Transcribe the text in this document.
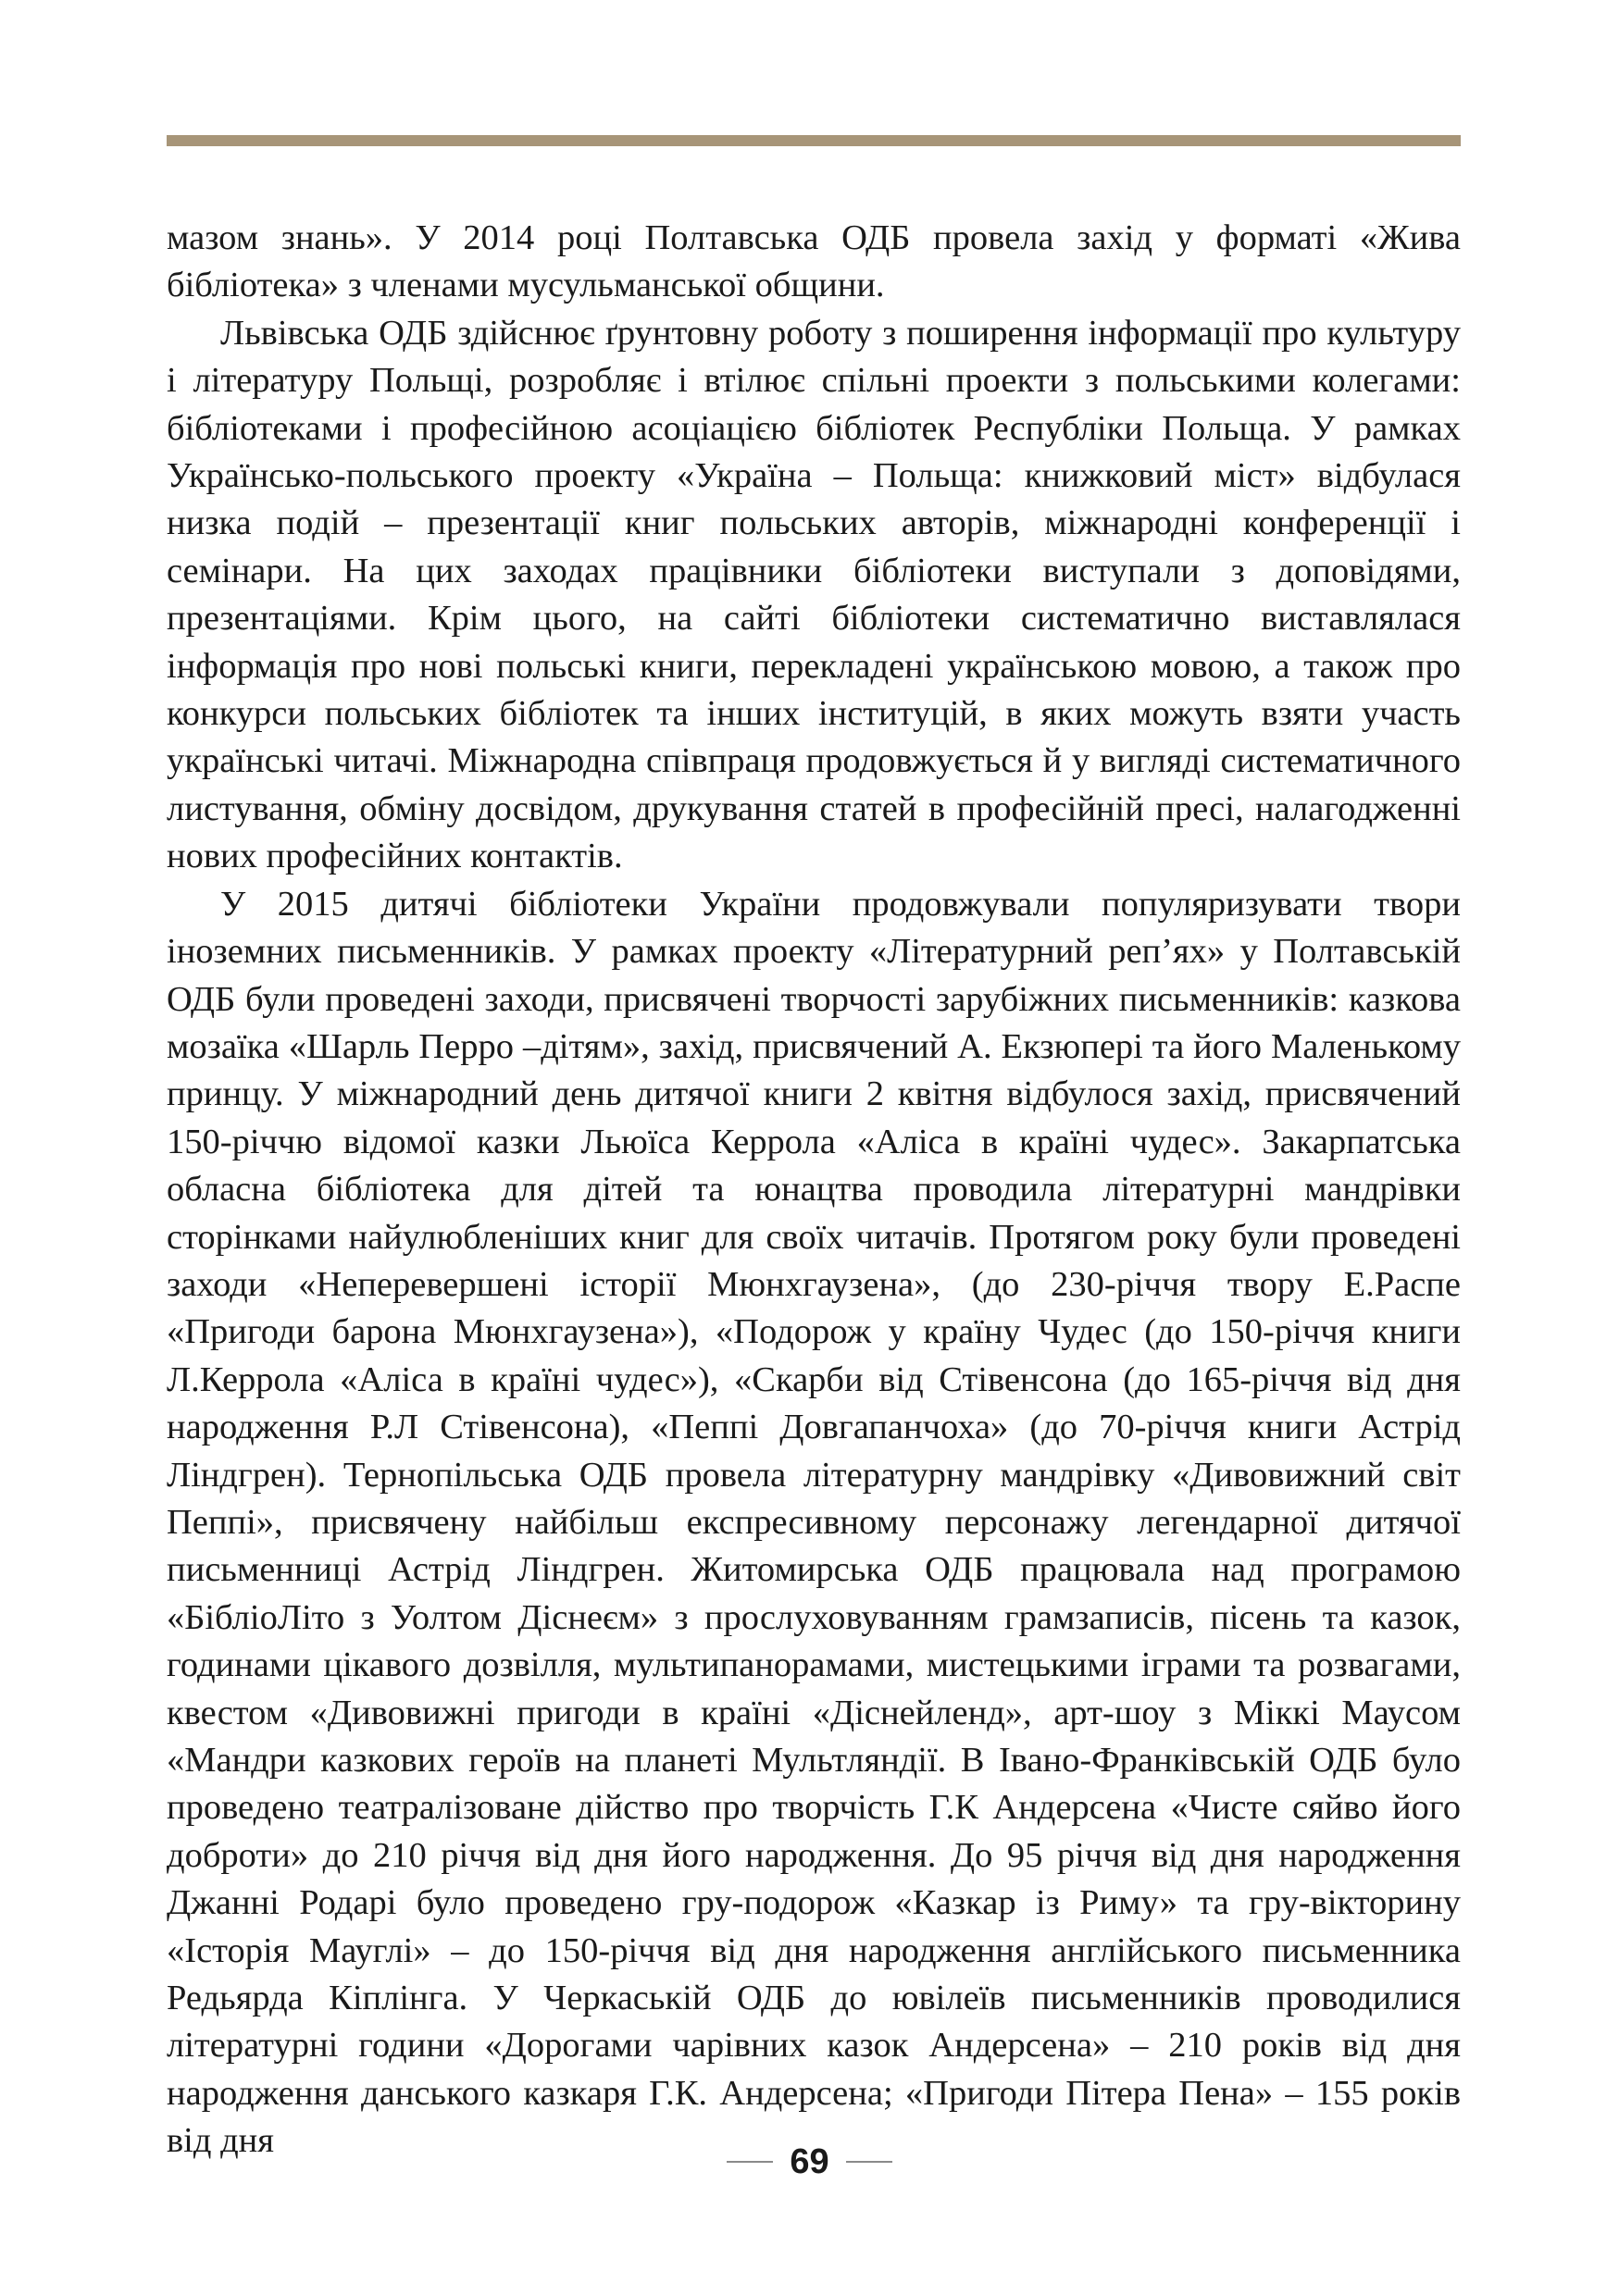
мазом знань». У 2014 році Полтавська ОДБ провела захід у форматі «Жива бібліотека» з членами мусульманської общини.

Львівська ОДБ здійснює ґрунтовну роботу з поширення інформації про культуру і літературу Польщі, розробляє і втілює спільні проекти з польськими колегами: бібліотеками і професійною асоціацією бібліотек Республіки Польща. У рамках Українсько-польського проекту «Україна – Польща: книжковий міст» відбулася низка подій – презентації книг польських авторів, міжнародні конференції і семінари. На цих заходах працівники бібліотеки виступали з доповідями, презентаціями. Крім цього, на сайті бібліотеки систематично виставлялася інформація про нові польські книги, перекладені українською мовою, а також про конкурси польських бібліотек та інших інституцій, в яких можуть взяти участь українські читачі. Міжнародна співпраця продовжується й у вигляді систематичного листування, обміну досвідом, друкування статей в професійній пресі, налагодженні нових професійних контактів.

У 2015 дитячі бібліотеки України продовжували популяризувати твори іноземних письменників. У рамках проекту «Літературний реп’ях» у Полтавській ОДБ були проведені заходи, присвячені творчості зарубіжних письменників: казкова мозаїка «Шарль Перро –дітям», захід, присвячений А. Екзюпері та його Маленькому принцу. У міжнародний день дитячої книги 2 квітня відбулося захід, присвячений 150-річчю відомої казки Льюїса Керрола «Аліса в країні чудес». Закарпатська обласна бібліотека для дітей та юнацтва проводила літературні мандрівки сторінками найулюбленіших книг для своїх читачів. Протягом року були проведені заходи «Неперевершені історії Мюнхгаузена», (до 230-річчя твору Е.Распе «Пригоди барона Мюнхгаузена»), «Подорож у країну Чудес (до 150-річчя книги Л.Керрола «Аліса в країні чудес»), «Скарби від Стівенсона (до 165-річчя від дня народження Р.Л Стівенсона), «Пеппі Довгапанчоха» (до 70-річчя книги Астрід Ліндгрен). Тернопільська ОДБ провела літературну мандрівку «Дивовижний світ Пеппі», присвячену найбільш експресивному персонажу легендарної дитячої письменниці Астрід Ліндгрен. Житомирська ОДБ працювала над програмою «БібліоЛіто з Уолтом Діснеєм» з прослуховуванням грамзаписів, пісень та казок, годинами цікавого дозвілля, мультипанорамами, мистецькими іграми та розвагами, квестом «Дивовижні пригоди в країні «Діснейленд», арт-шоу з Міккі Маусом «Мандри казкових героїв на планеті Мультляндії. В Івано-Франківській ОДБ було проведено театралізоване дійство про творчість Г.К Андерсена «Чисте сяйво його доброти» до 210 річчя від дня його народження. До 95 річчя від дня народження Джанні Родарі було проведено гру-подорож «Казкар із Риму» та гру-вікторину «Історія Мауглі» – до 150-річчя від дня народження англійського письменника Редьярда Кіплінга. У Черкаській ОДБ до ювілеїв письменників проводилися літературні години «Дорогами чарівних казок Андерсена» – 210 років від дня народження данського казкаря Г.К. Андерсена; «Пригоди Пітера Пена» – 155 років від дня

69
